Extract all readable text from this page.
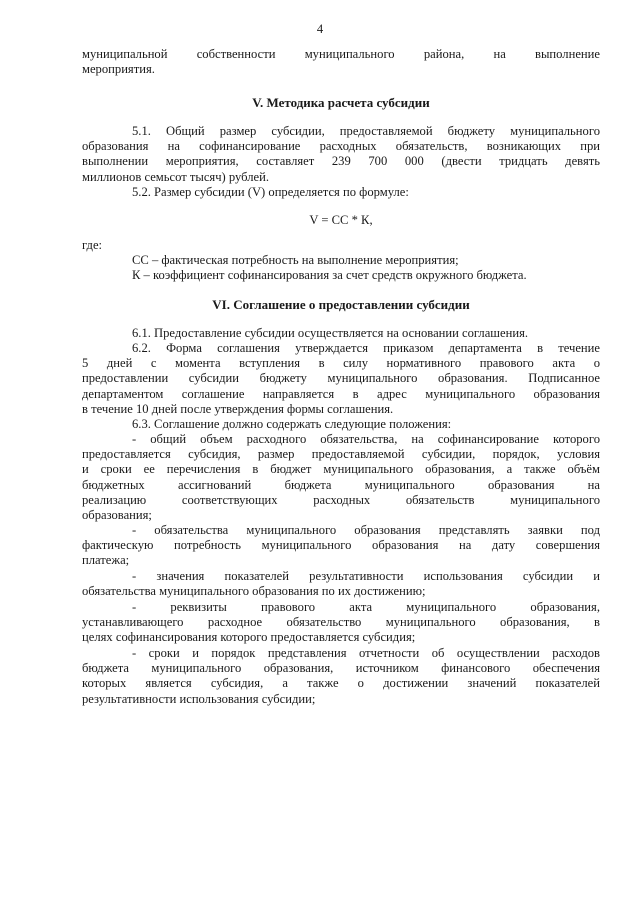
4
муниципальной собственности муниципального района, на выполнение
мероприятия.
V. Методика расчета субсидии
5.1. Общий размер субсидии, предоставляемой бюджету муниципального
образования на софинансирование расходных обязательств, возникающих при
выполнении мероприятия, составляет 239 700 000 (двести тридцать девять
миллионов семьсот тысяч) рублей.
5.2. Размер субсидии (V) определяется по формуле:
V = СС * К,
где:
СС – фактическая потребность на выполнение мероприятия;
К – коэффициент софинансирования за счет средств окружного бюджета.
VI. Соглашение о предоставлении субсидии
6.1. Предоставление субсидии осуществляется на основании соглашения.
6.2. Форма соглашения утверждается приказом департамента в течение
5 дней с момента вступления в силу нормативного правового акта о
предоставлении субсидии бюджету муниципального образования. Подписанное
департаментом соглашение направляется в адрес муниципального образования
в течение 10 дней после утверждения формы соглашения.
6.3. Соглашение должно содержать следующие положения:
- общий объем расходного обязательства, на софинансирование которого
предоставляется субсидия, размер предоставляемой субсидии, порядок, условия
и сроки ее перечисления в бюджет муниципального образования, а также объём
бюджетных ассигнований бюджета муниципального образования на
реализацию соответствующих расходных обязательств муниципального
образования;
- обязательства муниципального образования представлять заявки под
фактическую потребность муниципального образования на дату совершения
платежа;
- значения показателей результативности использования субсидии и
обязательства муниципального образования по их достижению;
- реквизиты правового акта муниципального образования,
устанавливающего расходное обязательство муниципального образования, в
целях софинансирования которого предоставляется субсидия;
- сроки и порядок представления отчетности об осуществлении расходов
бюджета муниципального образования, источником финансового обеспечения
которых является субсидия, а также о достижении значений показателей
результативности использования субсидии;
